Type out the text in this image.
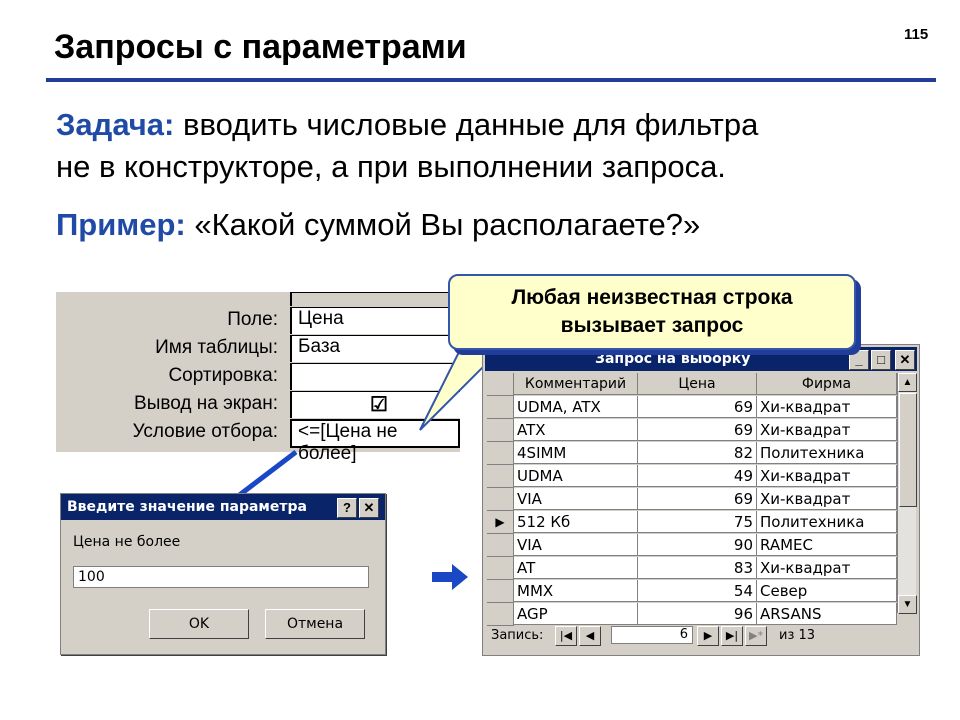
Запросы с параметрами	115
Задача: вводить числовые данные для фильтра
не в конструкторе, а при выполнении запроса.
Пример: «Какой суммой Вы располагаете?»
Поле:	Цена
Имя таблицы:	База
Сортировка:
Вывод на экран:	☑
Условие отбора:	<=[Цена не более]
Введите значение параметра	? ✕
Цена не более
100
OK	Отмена
Запрос на выборку	_	□	✕
Комментарий	Цена	Фирма
UDMA, ATX	69 Хи-квадрат
ATX	69 Хи-квадрат
4SIMM	82 Политехника
UDMA	49 Хи-квадрат
VIA	69 Хи-квадрат
▶ 512 Кб	75 Политехника
VIA	90 RAMEC
AT	83 Хи-квадрат
MMX	54 Север
AGP	96 ARSANS
▲
▼
Запись:	|◀	◀	6	▶	▶| ▶*	из 13
Любая неизвестная строка
вызывает запрос
